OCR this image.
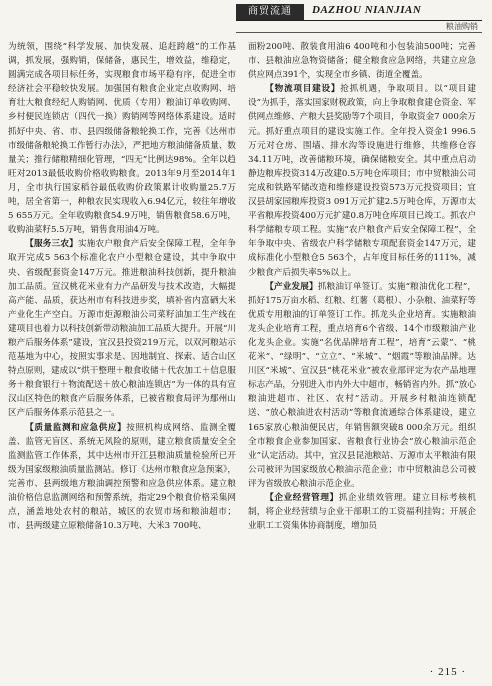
商贸流通	DAZHOU NIANJIAN
粮油购销

为统领，围绕“科学发展、加快发展、追赶跨越”的工作基调，抓发展，强购销，保储备，惠民生，增效益，维稳定，圆满完成各项目标任务，实现粮食市场平稳有序，促进全市经济社会平稳较快发展。加强国有粮食企业定点收购网、培育壮大粮食经纪人购销网、优质（专用）粮油订单收购网、乡村便民连锁店（四代一换）购销网等网络体系建设。适时抓好中央、省、市、县四级储备粮轮换工作，完善《达州市市级储备粮轮换工作暂行办法》，严把地方粮油储备质量、数量关；推行储粮精细化管理，“四无”比例达98%。全年以趋旺对2013最低收购价格收购粮食。2013年9月至2014年1月，全市执行国家稻谷最低收购价政策累计收购量25.7万吨，居全省第一，种粮农民实现收入6.94亿元，较往年增收5 655万元。全年收购粮食54.9万吨，销售粮食58.6万吨，收购油菜籽5.5万吨，销售食用油4万吨。

【服务三农】实施农户粮食产后安全保障工程，全年争取开完成5 563个标准化农户小型粮仓建设，其中争取中央、省级配套资金147万元。推进粮油科技创新，提升粮油加工品质。宣汉桃花米业有力产品研发与技术改造，大幅提高产能、品质，获达州市有科技进步奖，填补省内富硒大米产业化生产空白。万源市炬源粮油公司菜籽油加工生产线在建项目也着力以科技创新带动粮油加工品质大提升。开展“川粮产后服务体系”建设，宜汉县投资219万元，以双河粮站示范基地为中心，按照实事求是、因地制宜、探索、适合山区特点原则，建成以“烘干整理＋粮食收储＋代农加工＋信息服务＋粮食银行＋物流配送＋放心粮油连锁店”为一体的具有宣汉山区特色的粮食产后服务体系，已被省粮食局评为鄢州山区产后服务体系示范县之一。

【质量监测和应急供应】按照机构成网络、监测全覆盖、监管无盲区、系统无风险的原则，建立粮食质量安全全监测监管工作体系，其中达州市开江县粮油质量检验所已开级为国家级粮油质量监测站。修订《达州市粮食应急预案》，完善市、县两级地方粮油调控预警和应急供应体系。建立粮油价格信息监测网络和预警系统，指定29个粮食价格采集网点，涵盖地处农村的粮站，城区的农贸市场和粮油超市；市、县两级建立原粮储备10.3万吨、大米3 700吨、

面粉200吨、散装食用油6 400吨和小包装油500吨；完善市、县粮油应急物资储备；健全粮食应急网络，共建立应急供应网点391个，实现全市乡镇、街道全覆盖。

【物流项目建设】抢抓机遇，争取项目。以“项目建设”为抓手，落实国家财税政策，向上争取粮食建仓资金、军供网点维修、产粮大县奖励等7个项目，争取资金7 000余万元。抓好重点项目的建设实施工作。全年投入资金1 996.5万元对仓房、围墙、排水沟等设施进行维修，共维修仓容34.11万吨，改善储粮环境，确保储粮安全。其中重点启动静边粮库投资314万改建0.5万吨仓库项目；市中贸粮油公司完成和铁路军储改造和维修建设投资573万元投资项目；宜汉县胡家园粮库投资3 091万元扩建2.5万吨仓库，万源市太平省粮库投资400万元扩建0.8万吨仓库项目已竣工。抓农户科学储粮专项工程。实施“农户粮食产后安全保障工程”，全年争取中央、省级农户科学储粮专项配套资金147万元，建成标准化小型粮仓5 563个，占年度目标任务的111%，减少粮食产后损失率5%以上。

【产业发展】抓粮油订单签订。实施“粮油优化工程”，抓好175万亩水稻、红粮、红薯（葛根）、小杂粮、油菜籽等优质专用粮油的订单签订工作。抓龙头企业培育。实施粮油龙头企业培育工程，重点培育6个省级、14个市级粮油产业化龙头企业。实施“名优品牌培育工程”，培育“云蒙”、“桃花米”、“绿明”、“立立”、“米城”、“烟霞”等粮油品牌。达川区“米城”、宣汉县“桃花米业”被农业部评定为农产品地理标志产品，分别进入市内外大中超市，畅销省内外。抓“放心粮油进超市、社区、农村”活动。开展乡村粮油连锁配送、“放心粮油进农村活动”等粮食流通综合体系建设，建立165家放心粮油便民店，年销售额突破8 000余万元。组织全市粮食企业参加国家、省粮食行业协会“放心粮油示范企业”认定活动。其中，宜汉县昆池粮站、万源市太平粮油有限公司被评为国家级放心粮油示范企业；市中贸粮油总公司被评为省级放心粮油示范企业。

【企业经营管理】抓企业绩效管理。建立目标考核机制，将企业经营绩与企业干部职工的工资福利挂钩；开展企业职工工资集体协商制度，增加员

· 215 ·
